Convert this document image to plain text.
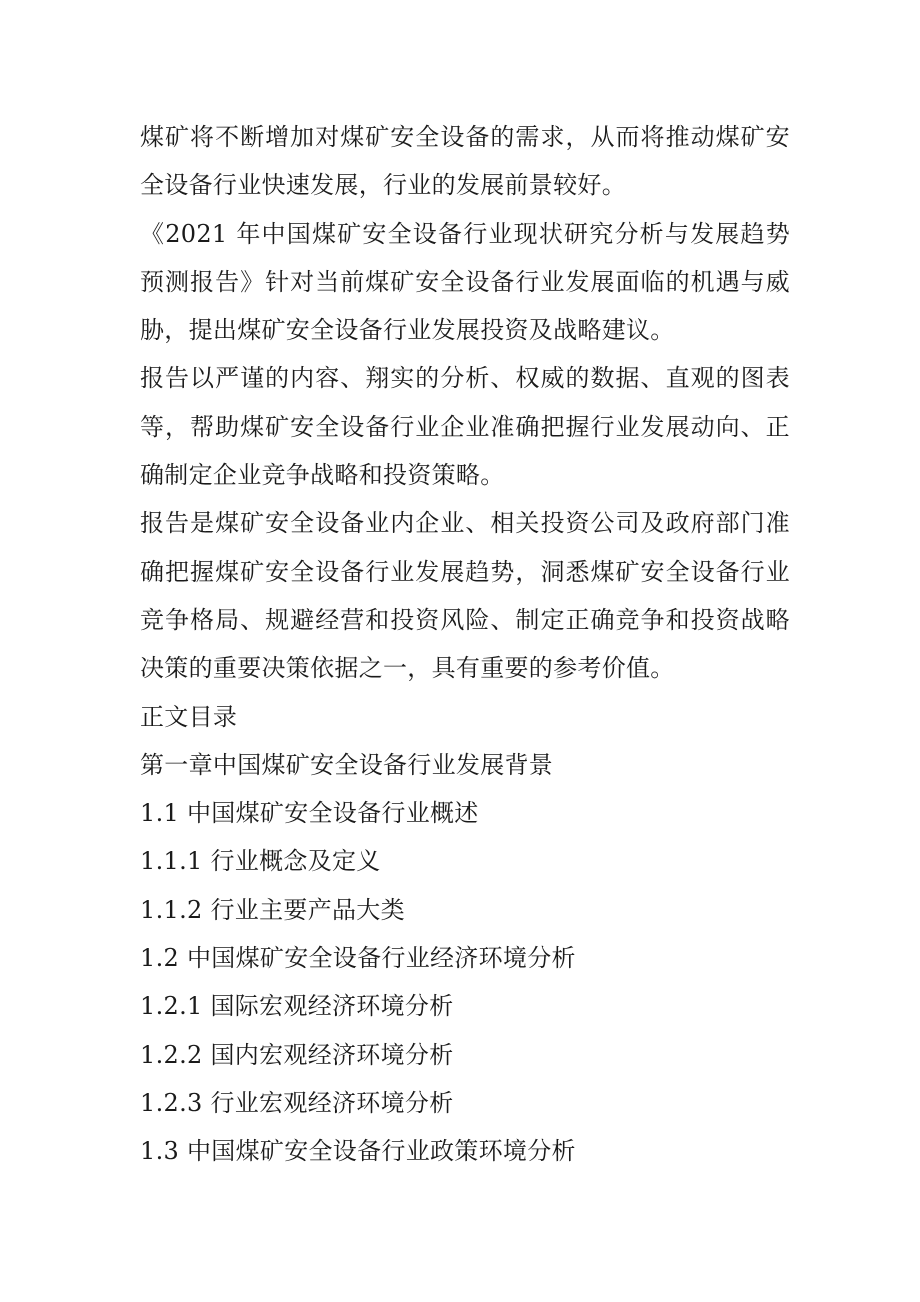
煤矿将不断增加对煤矿安全设备的需求，从而将推动煤矿安全设备行业快速发展，行业的发展前景较好。

《2021 年中国煤矿安全设备行业现状研究分析与发展趋势预测报告》针对当前煤矿安全设备行业发展面临的机遇与威胁，提出煤矿安全设备行业发展投资及战略建议。

报告以严谨的内容、翔实的分析、权威的数据、直观的图表等，帮助煤矿安全设备行业企业准确把握行业发展动向、正确制定企业竞争战略和投资策略。

报告是煤矿安全设备业内企业、相关投资公司及政府部门准确把握煤矿安全设备行业发展趋势，洞悉煤矿安全设备行业竞争格局、规避经营和投资风险、制定正确竞争和投资战略决策的重要决策依据之一，具有重要的参考价值。

正文目录
第一章中国煤矿安全设备行业发展背景
1.1 中国煤矿安全设备行业概述
1.1.1 行业概念及定义
1.1.2 行业主要产品大类
1.2 中国煤矿安全设备行业经济环境分析
1.2.1 国际宏观经济环境分析
1.2.2 国内宏观经济环境分析
1.2.3 行业宏观经济环境分析
1.3 中国煤矿安全设备行业政策环境分析
